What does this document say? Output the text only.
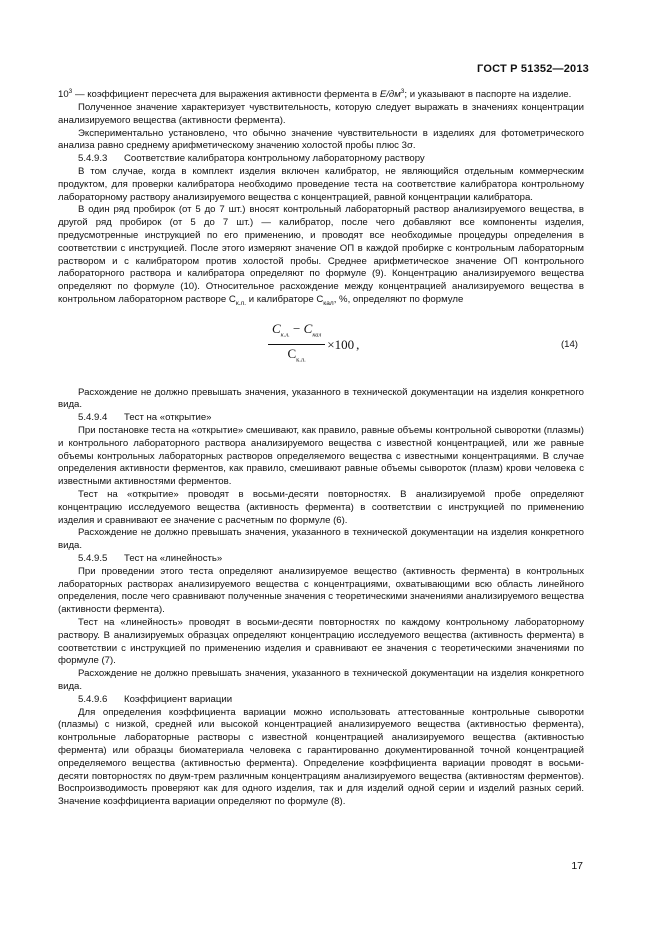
ГОСТ Р 51352—2013

$10^3$ — коэффициент пересчета для выражения активности фермента в $Е/дм^3$; и указывают в паспорте на изделие.

Полученное значение характеризует чувствительность, которую следует выражать в значениях концентрации анализируемого вещества (активности фермента).

Экспериментально установлено, что обычно значение чувствительности в изделиях для фотометрического анализа равно среднему арифметическому значению холостой пробы плюс 3σ.

5.4.9.3 Соответствие калибратора контрольному лабораторному раствору

В том случае, когда в комплект изделия включен калибратор, не являющийся отдельным коммерческим продуктом, для проверки калибратора необходимо проведение теста на соответствие калибратора контрольному лабораторному раствору анализируемого вещества с концентрацией, равной концентрации калибратора.

В один ряд пробирок (от 5 до 7 шт.) вносят контрольный лабораторный раствор анализируемого вещества, в другой ряд пробирок (от 5 до 7 шт.) — калибратор, после чего добавляют все компоненты изделия, предусмотренные инструкцией по его применению, и проводят все необходимые процедуры определения в соответствии с инструкцией. После этого измеряют значение ОП в каждой пробирке с контрольным лабораторным раствором и с калибратором против холостой пробы. Среднее арифметическое значение ОП контрольного лабораторного раствора и калибратора определяют по формуле (9). Концентрацию анализируемого вещества определяют по формуле (10). Относительное расхождение между концентрацией анализируемого вещества в контрольном лабораторном растворе $С_{к.л.}$ и калибраторе $С_{кал}$, %, определяют по формуле

$\frac{C_{к.л.} - C_{кал}}{C_{к.л.}} \times 100$ ,	(14)

Расхождение не должно превышать значения, указанного в технической документации на изделия конкретного вида.

5.4.9.4 Тест на «открытие»

При постановке теста на «открытие» смешивают, как правило, равные объемы контрольной сыворотки (плазмы) и контрольного лабораторного раствора анализируемого вещества с известной концентрацией, или же равные объемы контрольных лабораторных растворов определяемого вещества с известными концентрациями. В случае определения активности ферментов, как правило, смешивают равные объемы сывороток (плазм) крови человека с известными активностями ферментов.

Тест на «открытие» проводят в восьми-десяти повторностях. В анализируемой пробе определяют концентрацию исследуемого вещества (активность фермента) в соответствии с инструкцией по применению изделия и сравнивают ее значение с расчетным по формуле (6).

Расхождение не должно превышать значения, указанного в технической документации на изделия конкретного вида.

5.4.9.5 Тест на «линейность»

При проведении этого теста определяют анализируемое вещество (активность фермента) в контрольных лабораторных растворах анализируемого вещества с концентрациями, охватывающими всю область линейного определения, после чего сравнивают полученные значения с теоретическими значениями анализируемого вещества (активности фермента).

Тест на «линейность» проводят в восьми-десяти повторностях по каждому контрольному лабораторному раствору. В анализируемых образцах определяют концентрацию исследуемого вещества (активность фермента) в соответствии с инструкцией по применению изделия и сравнивают ее значения с теоретическими значениями по формуле (7).

Расхождение не должно превышать значения, указанного в технической документации на изделия конкретного вида.

5.4.9.6 Коэффициент вариации

Для определения коэффициента вариации можно использовать аттестованные контрольные сыворотки (плазмы) с низкой, средней или высокой концентрацией анализируемого вещества (активностью фермента), контрольные лабораторные растворы с известной концентрацией анализируемого вещества (активностью фермента) или образцы биоматериала человека с гарантированно документированной точной концентрацией определяемого вещества (активностью фермента). Определение коэффициента вариации проводят в восьми-десяти повторностях по двум-трем различным концентрациям анализируемого вещества (активностям ферментов). Воспроизводимость проверяют как для одного изделия, так и для изделий одной серии и изделий разных серий. Значение коэффициента вариации определяют по формуле (8).

17
